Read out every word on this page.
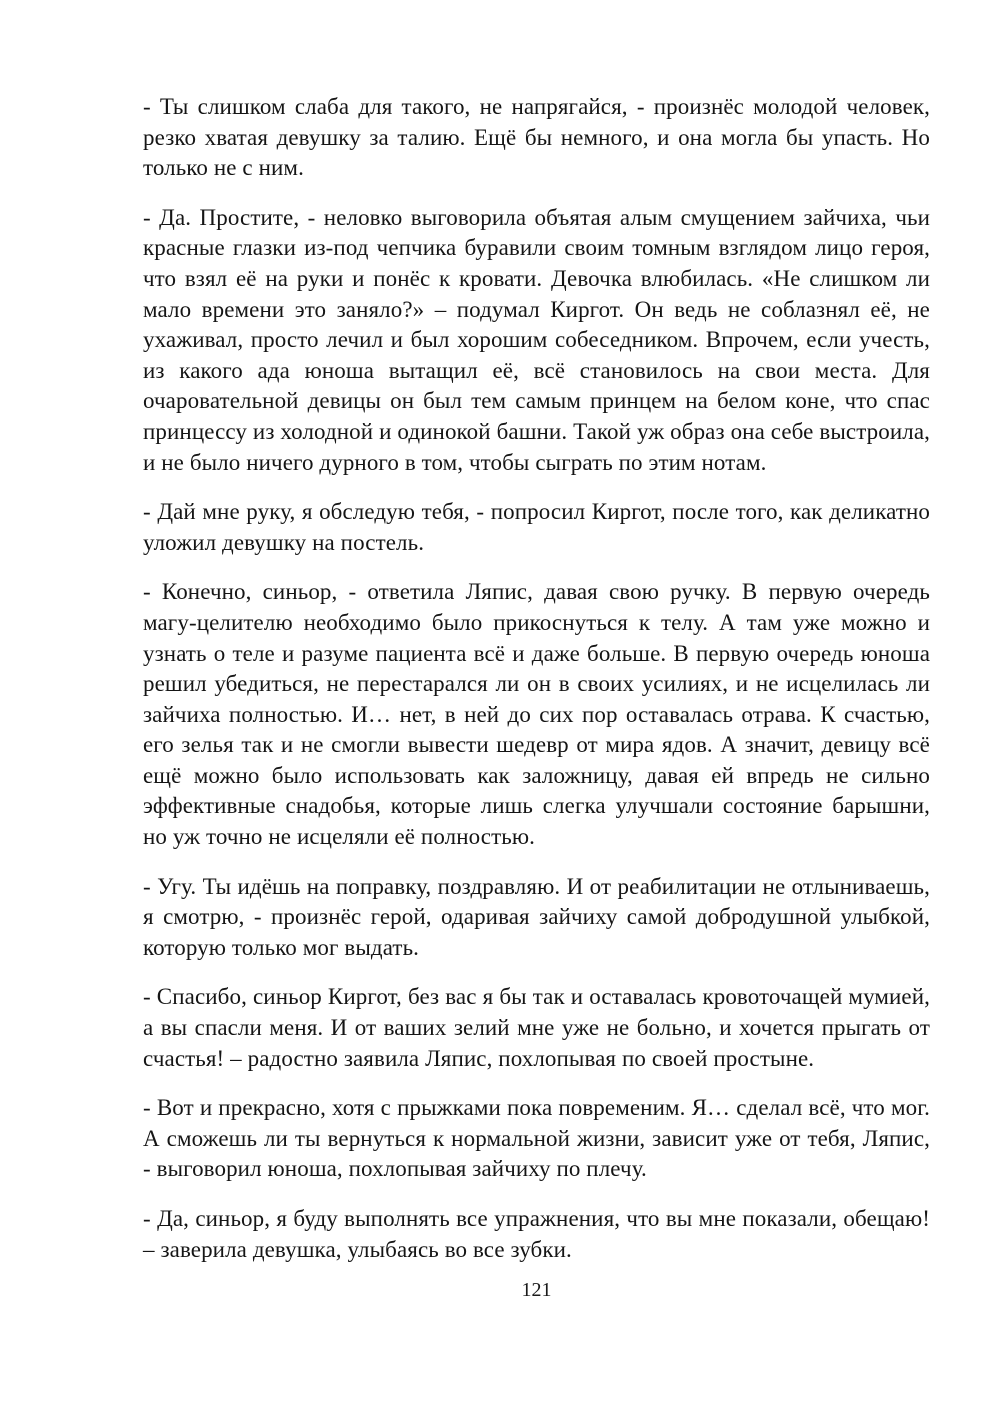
- Ты слишком слаба для такого, не напрягайся, - произнёс молодой человек, резко хватая девушку за талию. Ещё бы немного, и она могла бы упасть. Но только не с ним.

- Да. Простите, - неловко выговорила объятая алым смущением зайчиха, чьи красные глазки из-под чепчика буравили своим томным взглядом лицо героя, что взял её на руки и понёс к кровати. Девочка влюбилась. «Не слишком ли мало времени это заняло?» – подумал Киргот. Он ведь не соблазнял её, не ухаживал, просто лечил и был хорошим собеседником. Впрочем, если учесть, из какого ада юноша вытащил её, всё становилось на свои места. Для очаровательной девицы он был тем самым принцем на белом коне, что спас принцессу из холодной и одинокой башни. Такой уж образ она себе выстроила, и не было ничего дурного в том, чтобы сыграть по этим нотам.

- Дай мне руку, я обследую тебя, - попросил Киргот, после того, как деликатно уложил девушку на постель.

- Конечно, синьор, - ответила Ляпис, давая свою ручку. В первую очередь магу-целителю необходимо было прикоснуться к телу. А там уже можно и узнать о теле и разуме пациента всё и даже больше. В первую очередь юноша решил убедиться, не перестарался ли он в своих усилиях, и не исцелилась ли зайчиха полностью. И… нет, в ней до сих пор оставалась отрава. К счастью, его зелья так и не смогли вывести шедевр от мира ядов. А значит, девицу всё ещё можно было использовать как заложницу, давая ей впредь не сильно эффективные снадобья, которые лишь слегка улучшали состояние барышни, но уж точно не исцеляли её полностью.

- Угу. Ты идёшь на поправку, поздравляю. И от реабилитации не отлыниваешь, я смотрю, - произнёс герой, одаривая зайчиху самой добродушной улыбкой, которую только мог выдать.

- Спасибо, синьор Киргот, без вас я бы так и оставалась кровоточащей мумией, а вы спасли меня. И от ваших зелий мне уже не больно, и хочется прыгать от счастья! – радостно заявила Ляпис, похлопывая по своей простыне.

- Вот и прекрасно, хотя с прыжками пока повременим. Я… сделал всё, что мог. А сможешь ли ты вернуться к нормальной жизни, зависит уже от тебя, Ляпис, - выговорил юноша, похлопывая зайчиху по плечу.

- Да, синьор, я буду выполнять все упражнения, что вы мне показали, обещаю! – заверила девушка, улыбаясь во все зубки.

121
